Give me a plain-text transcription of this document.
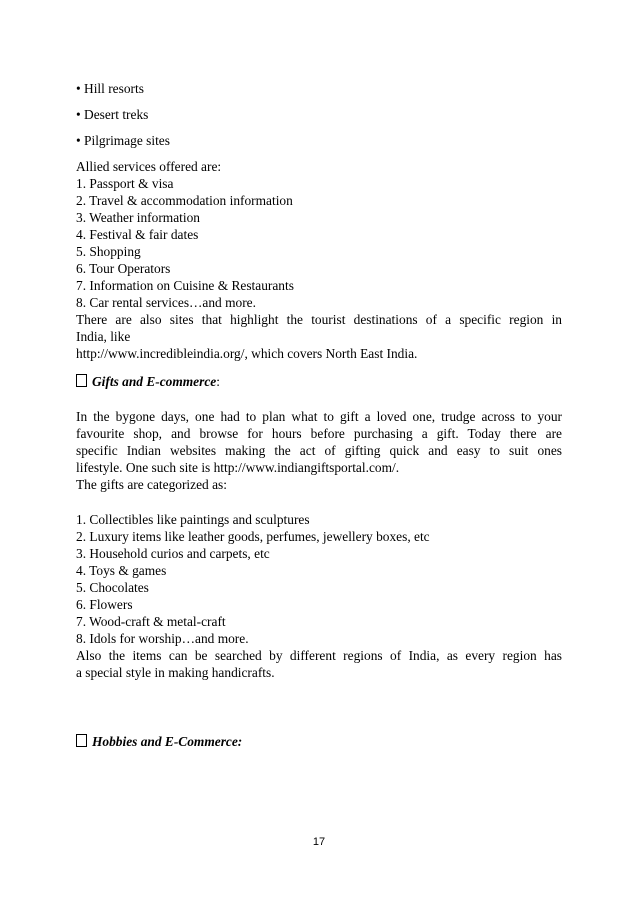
• Hill resorts
• Desert treks
• Pilgrimage sites
Allied services offered are:
1. Passport & visa
2. Travel & accommodation information
3. Weather information
4. Festival & fair dates
5. Shopping
6. Tour Operators
7. Information on Cuisine & Restaurants
8. Car rental services…and more.
There are also sites that highlight the tourist destinations of a specific region in
India, like
http://www.incredibleindia.org/, which covers North East India.
Gifts and E-commerce:
In the bygone days, one had to plan what to gift a loved one, trudge across to your
favourite shop, and browse for hours before purchasing a gift. Today there are
specific Indian websites making the act of gifting quick and easy to suit ones
lifestyle. One such site is http://www.indiangiftsportal.com/.
The gifts are categorized as:
1. Collectibles like paintings and sculptures
2. Luxury items like leather goods, perfumes, jewellery boxes, etc
3. Household curios and carpets, etc
4. Toys & games
5. Chocolates
6. Flowers
7. Wood-craft & metal-craft
8. Idols for worship…and more.
Also the items can be searched by different regions of India, as every region has
a special style in making handicrafts.
Hobbies and E-Commerce:
17
